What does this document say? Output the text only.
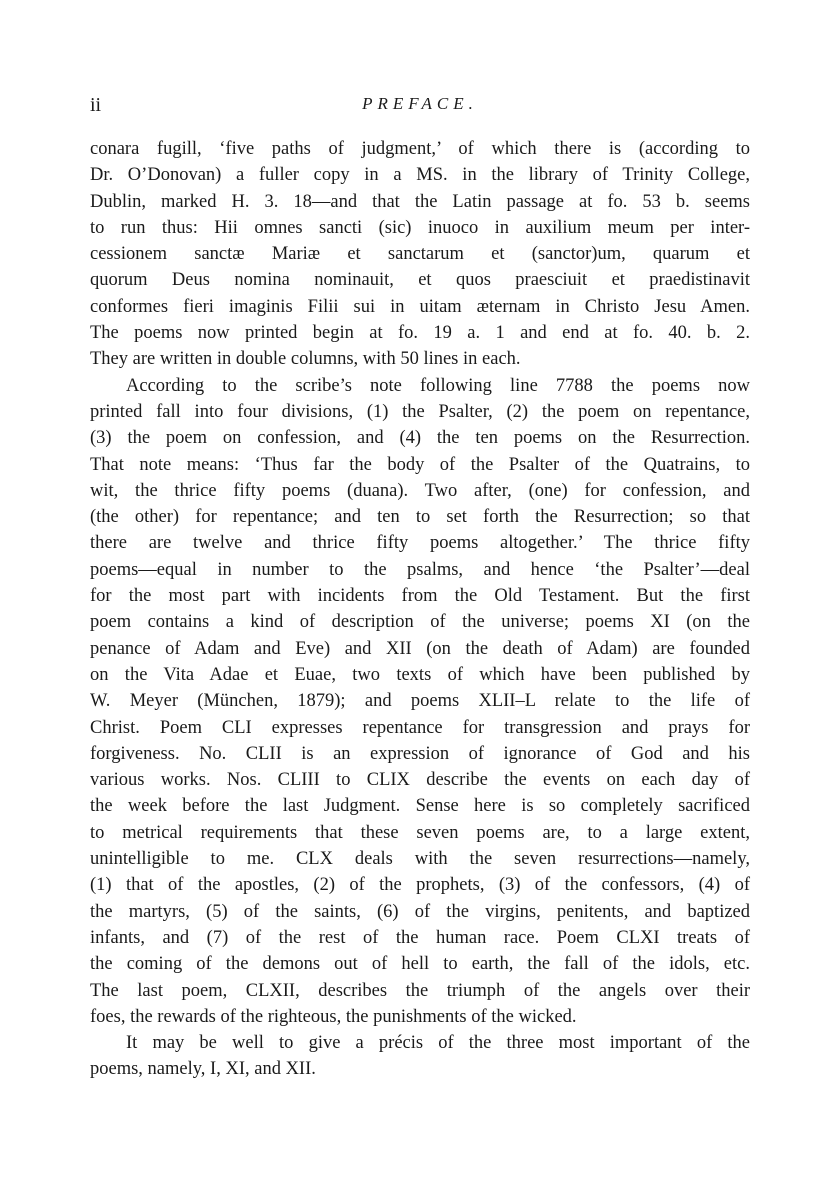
ii	PREFACE.
conara fugill, ‘five paths of judgment,’ of which there is (according to
Dr. O’Donovan) a fuller copy in a MS. in the library of Trinity College,
Dublin, marked H. 3. 18—and that the Latin passage at fo. 53 b. seems
to run thus: Hii omnes sancti (sic) inuoco in auxilium meum per inter-
cessionem sanctæ Mariæ et sanctarum et (sanctor)um, quarum et
quorum Deus nomina nominauit, et quos praesciuit et praedistinavit
conformes fieri imaginis Filii sui in uitam æternam in Christo Jesu Amen.
The poems now printed begin at fo. 19 a. 1 and end at fo. 40. b. 2.
They are written in double columns, with 50 lines in each.
According to the scribe’s note following line 7788 the poems now
printed fall into four divisions, (1) the Psalter, (2) the poem on repentance,
(3) the poem on confession, and (4) the ten poems on the Resurrection.
That note means: ‘Thus far the body of the Psalter of the Quatrains, to
wit, the thrice fifty poems (duana). Two after, (one) for confession, and
(the other) for repentance; and ten to set forth the Resurrection; so that
there are twelve and thrice fifty poems altogether.’ The thrice fifty
poems—equal in number to the psalms, and hence ‘the Psalter’—deal
for the most part with incidents from the Old Testament. But the first
poem contains a kind of description of the universe; poems XI (on the
penance of Adam and Eve) and XII (on the death of Adam) are founded
on the Vita Adae et Euae, two texts of which have been published by
W. Meyer (München, 1879); and poems XLII–L relate to the life of
Christ. Poem CLI expresses repentance for transgression and prays for
forgiveness. No. CLII is an expression of ignorance of God and his
various works. Nos. CLIII to CLIX describe the events on each day of
the week before the last Judgment. Sense here is so completely sacrificed
to metrical requirements that these seven poems are, to a large extent,
unintelligible to me. CLX deals with the seven resurrections—namely,
(1) that of the apostles, (2) of the prophets, (3) of the confessors, (4) of
the martyrs, (5) of the saints, (6) of the virgins, penitents, and baptized
infants, and (7) of the rest of the human race. Poem CLXI treats of
the coming of the demons out of hell to earth, the fall of the idols, etc.
The last poem, CLXII, describes the triumph of the angels over their
foes, the rewards of the righteous, the punishments of the wicked.
It may be well to give a précis of the three most important of the
poems, namely, I, XI, and XII.
